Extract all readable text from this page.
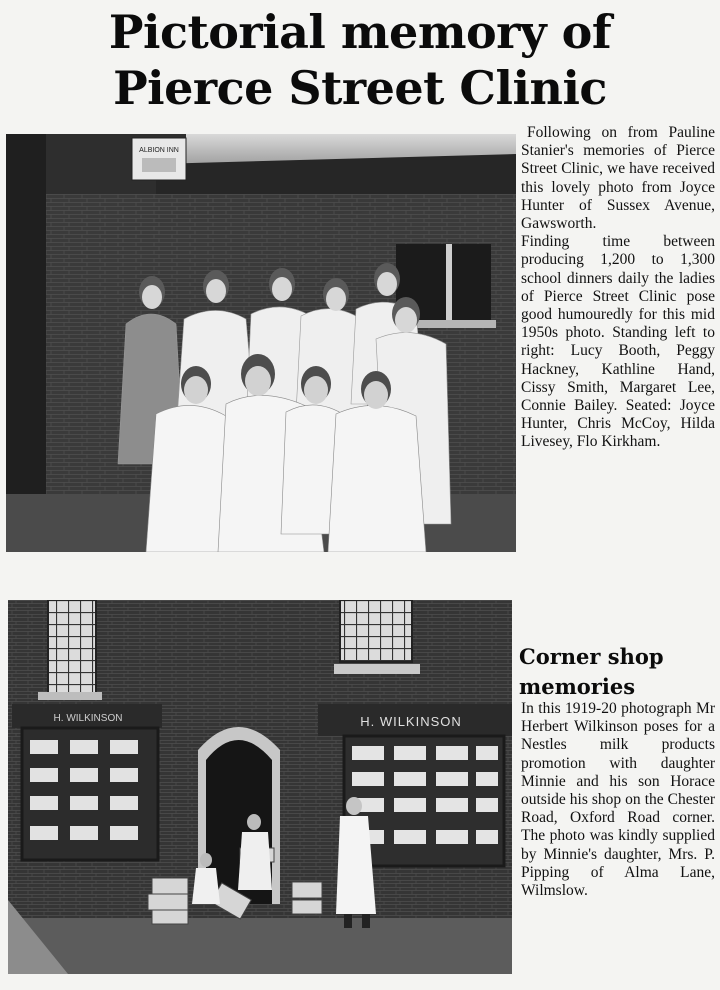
Pictorial memory of
Pierce Street Clinic
ALBION INN

Following on from Pauline Stanier's memories of Pierce Street Clinic, we have received this lovely photo from Joyce Hunter of Sussex Avenue, Gawsworth.

Finding time between producing 1,200 to 1,300 school dinners daily the ladies of Pierce Street Clinic pose good humouredly for this mid 1950s photo. Standing left to right: Lucy Booth, Peggy Hackney, Kathline Hand, Cissy Smith, Margaret Lee, Connie Bailey. Seated: Joyce Hunter, Chris McCoy, Hilda Livesey, Flo Kirkham.

H. WILKINSON	H. WILKINSON
Corner shop
memories

In this 1919-20 photograph Mr Herbert Wilkinson poses for a Nestles milk products promotion with daughter Minnie and his son Horace outside his shop on the Chester Road, Oxford Road corner. The photo was kindly supplied by Minnie's daughter, Mrs. P. Pipping of Alma Lane, Wilmslow.
